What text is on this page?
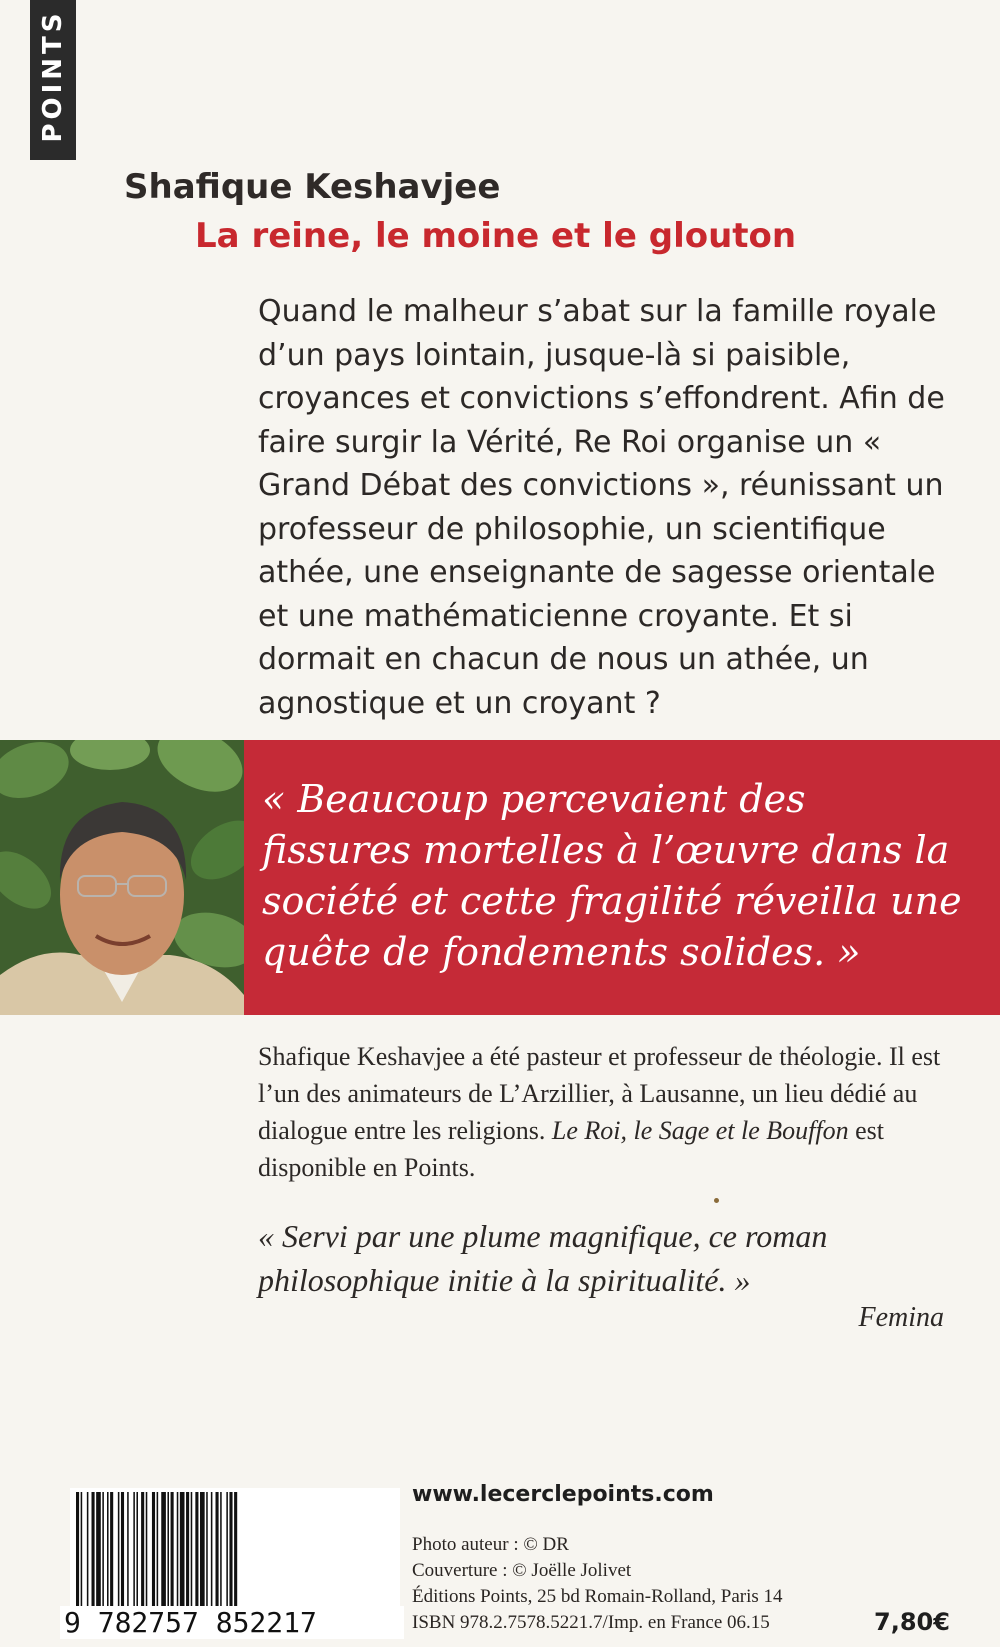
POINTS
Shafique Keshavjee
La reine, le moine et le glouton

Quand le malheur s’abat sur la famille royale d’un pays lointain, jusque-là si paisible, croyances et convictions s’effondrent. Afin de faire surgir la Vérité, Re Roi organise un « Grand Débat des convictions », réunissant un professeur de philosophie, un scientifique athée, une enseignante de sagesse orientale et une mathématicienne croyante. Et si dormait en chacun de nous un athée, un agnostique et un croyant ?

« Beaucoup percevaient des fissures mortelles à l’œuvre dans la société et cette fragilité réveilla une quête de fondements solides. »

Shafique Keshavjee a été pasteur et professeur de théologie. Il est l’un des animateurs de L’Arzillier, à Lausanne, un lieu dédié au dialogue entre les religions. Le Roi, le Sage et le Bouffon est disponible en Points.

« Servi par une plume magnifique, ce roman philosophique initie à la spiritualité. »

Femina

9 782757 852217

www.lecerclepoints.com

Photo auteur : © DR
Couverture : © Joëlle Jolivet
Éditions Points, 25 bd Romain-Rolland, Paris 14
ISBN 978.2.7578.5221.7/Imp. en France 06.15	7,80€
